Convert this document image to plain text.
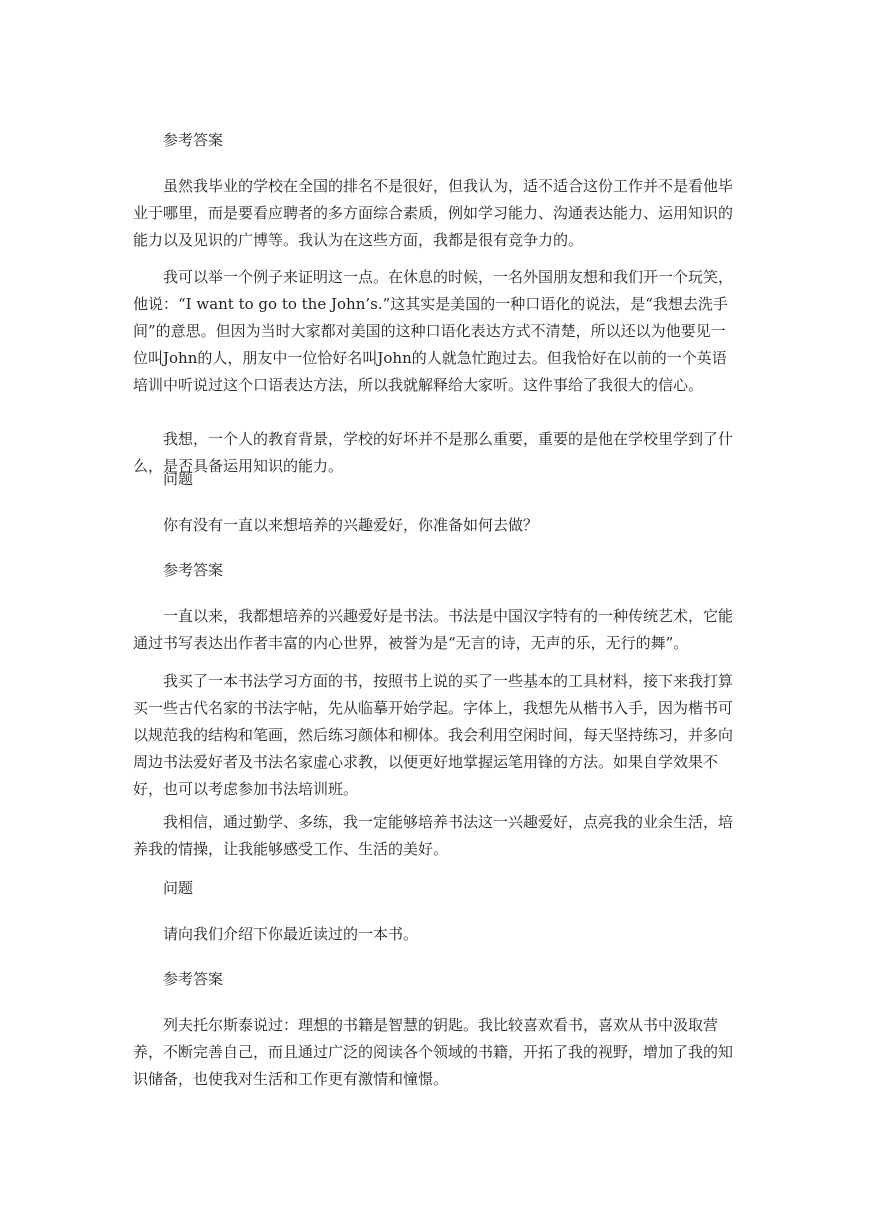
参考答案

虽然我毕业的学校在全国的排名不是很好，但我认为，适不适合这份工作并不是看他毕业于哪里，而是要看应聘者的多方面综合素质，例如学习能力、沟通表达能力、运用知识的能力以及见识的广博等。我认为在这些方面，我都是很有竞争力的。

我可以举一个例子来证明这一点。在休息的时候，一名外国朋友想和我们开一个玩笑，他说：“I want to go to the John’s.”这其实是美国的一种口语化的说法，是“我想去洗手间”的意思。但因为当时大家都对美国的这种口语化表达方式不清楚，所以还以为他要见一位叫John的人，朋友中一位恰好名叫John的人就急忙跑过去。但我恰好在以前的一个英语培训中听说过这个口语表达方法，所以我就解释给大家听。这件事给了我很大的信心。

我想，一个人的教育背景，学校的好坏并不是那么重要，重要的是他在学校里学到了什么，是否具备运用知识的能力。

问题

你有没有一直以来想培养的兴趣爱好，你准备如何去做？

参考答案

一直以来，我都想培养的兴趣爱好是书法。书法是中国汉字特有的一种传统艺术，它能通过书写表达出作者丰富的内心世界，被誉为是“无言的诗，无声的乐，无行的舞”。

我买了一本书法学习方面的书，按照书上说的买了一些基本的工具材料，接下来我打算买一些古代名家的书法字帖，先从临摹开始学起。字体上，我想先从楷书入手，因为楷书可以规范我的结构和笔画，然后练习颜体和柳体。我会利用空闲时间，每天坚持练习，并多向周边书法爱好者及书法名家虚心求教，以便更好地掌握运笔用锋的方法。如果自学效果不好，也可以考虑参加书法培训班。

我相信，通过勤学、多练，我一定能够培养书法这一兴趣爱好，点亮我的业余生活，培养我的情操，让我能够感受工作、生活的美好。

问题

请向我们介绍下你最近读过的一本书。

参考答案

列夫托尔斯泰说过：理想的书籍是智慧的钥匙。我比较喜欢看书，喜欢从书中汲取营养，不断完善自己，而且通过广泛的阅读各个领域的书籍，开拓了我的视野，增加了我的知识储备，也使我对生活和工作更有激情和憧憬。
